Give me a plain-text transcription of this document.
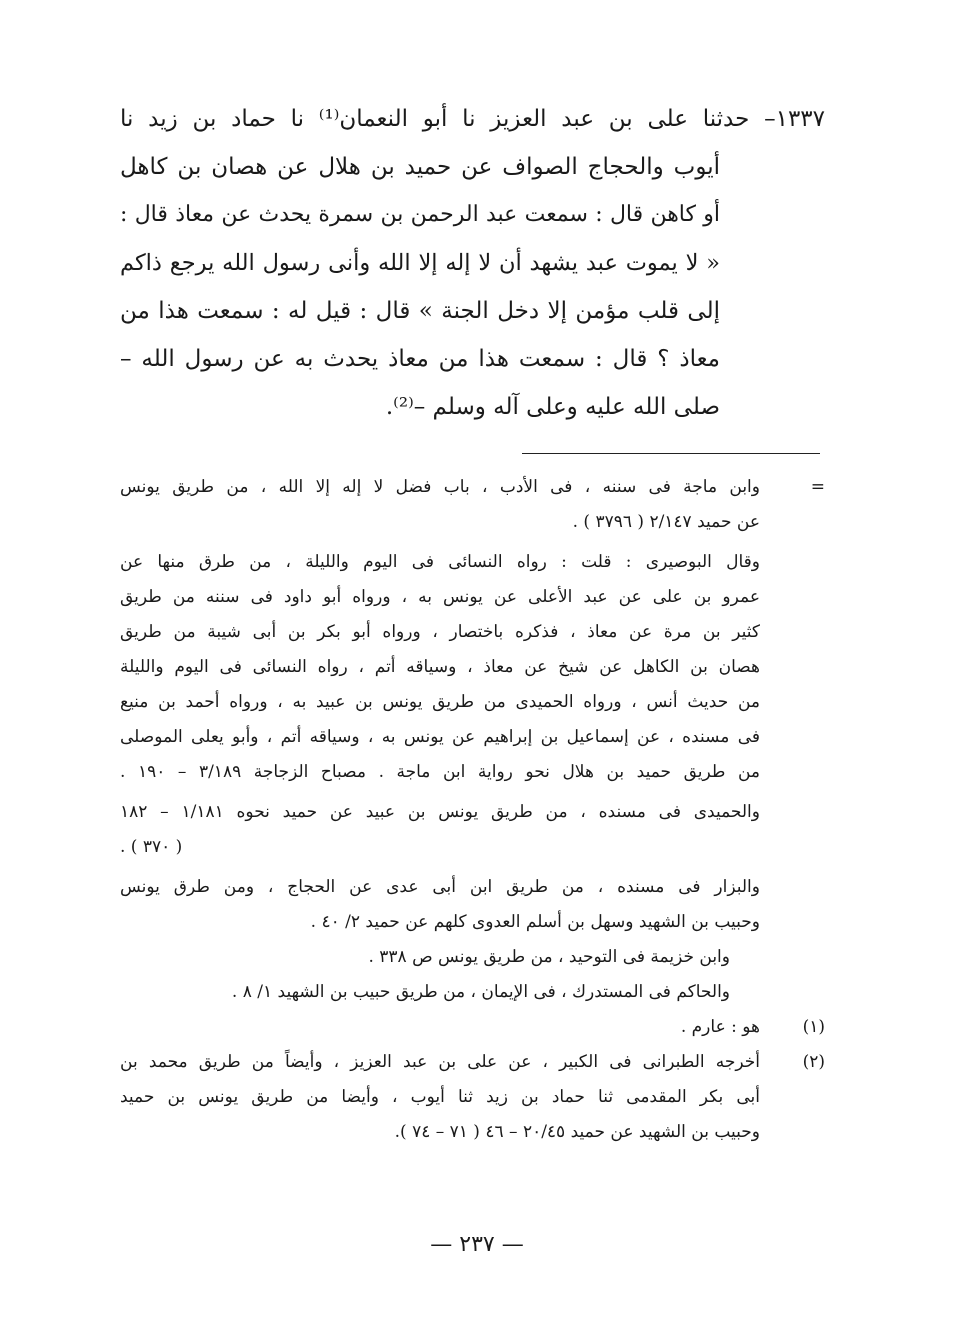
١٣٣٧– حدثنا على بن عبد العزيز نا أبو النعمان⁽¹⁾ نا حماد بن زيد نا
أيوب والحجاج الصواف عن حميد بن هلال عن هصان بن كاهل
أو كاهن قال : سمعت عبد الرحمن بن سمرة يحدث عن معاذ قال :
« لا يموت عبد يشهد أن لا إله إلا الله وأنى رسول الله يرجع ذاكم
إلى قلب مؤمن إلا دخل الجنة » قال : قيل له : سمعت هذا من
معاذ ؟ قال : سمعت هذا من معاذ يحدث به عن رسول الله –
صلى الله عليه وعلى آله وسلم –⁽²⁾.
=
وابن ماجة فى سننه ، فى الأدب ، باب فضل لا إله إلا الله ، من طريق يونس
عن حميد ٢/١٤٧ ( ٣٧٩٦ ) .
وقال البوصيرى : قلت : رواه النسائى فى اليوم والليلة ، من طرق منها عن
عمرو بن على عن عبد الأعلى عن يونس به ، ورواه أبو داود فى سننه من طريق
كثير بن مرة عن معاذ ، فذكره باختصار ، ورواه أبو بكر بن أبى شيبة من طريق
هصان بن الكاهل عن شيخ عن معاذ ، وسياقه أتم ، رواه النسائى فى اليوم والليلة
من حديث أنس ، ورواه الحميدى من طريق يونس بن عبيد به ، ورواه أحمد بن منيع
فى مسنده ، عن إسماعيل بن إبراهيم عن يونس به ، وسياقه أتم ، وأبو يعلى الموصلى
من طريق حميد بن هلال نحو رواية ابن ماجة . مصباح الزجاجة ٣/١٨٩ – ١٩٠ .
والحميدى فى مسنده ، من طريق يونس بن عبيد عن حميد نحوه ١/١٨١ – ١٨٢
( ٣٧٠ ) .
والبزار فى مسنده ، من طريق ابن أبى عدى عن الحجاج ، ومن طرق يونس
وحبيب بن الشهيد وسهل بن أسلم العدوى كلهم عن حميد ٢/ ٤٠ .
وابن خزيمة فى التوحيد ، من طريق يونس ص ٣٣٨ .
والحاكم فى المستدرك ، فى الإيمان ، من طريق حبيب بن الشهيد ١/ ٨ .
(١)
هو : عارم .
(٢)
أخرجه الطبرانى فى الكبير ، عن على بن عبد العزيز ، وأيضاً من طريق محمد بن
أبى بكر المقدمى ثنا حماد بن زيد ثنا أيوب ، وأيضا من طريق يونس بن حميد
وحبيب بن الشهيد عن حميد ٢٠/٤٥ – ٤٦ ( ٧١ – ٧٤ ).
— ٢٣٧ —
